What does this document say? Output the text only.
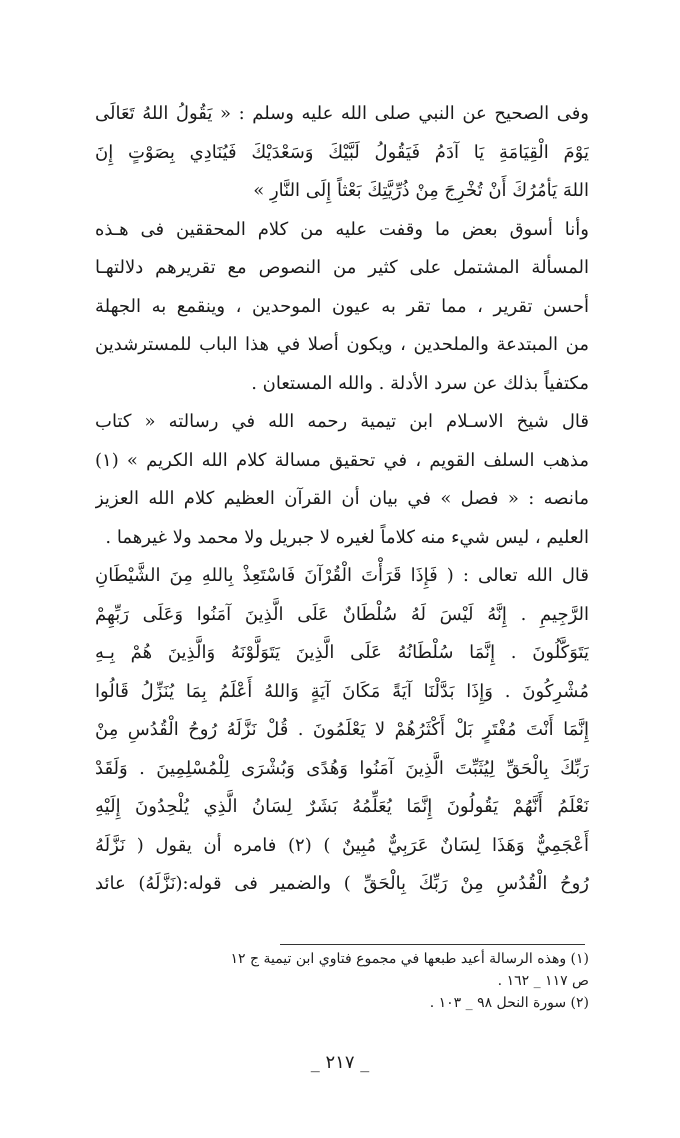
وفى الصحيح عن النبي صلى الله عليه وسلم : « يَقُولُ اللهُ تَعَالَى
يَوْمَ الْقِيَامَةِ يَا آدَمُ فَيَقُولُ لَبَّيْكَ وَسَعْدَيْكَ فَيُنَادِي بِصَوْتٍ إِنَ
اللهَ يَأمُرُكَ أَنْ تُخْرِجَ مِنْ ذُرِّيَّتِكَ بَعْثاً إِلَى النَّارِ »
وأنا أسوق بعض ما وقفت عليه من كلام المحققين فى هـذه
المسألة المشتمل على كثير من النصوص مع تقريرهم دلالتهـا
أحسن تقرير ، مما تقر به عيون الموحدين ، وينقمع به الجهلة
من المبتدعة والملحدين ، ويكون أصلا في هذا الباب للمسترشدين
مكتفياً بذلك عن سرد الأدلة . والله المستعان .
قال شيخ الاسـلام ابن تيمية رحمه الله في رسالته « كتاب
مذهب السلف القويم ، في تحقيق مسالة كلام الله الكريم » (١)
مانصه : « فصل » في بيان أن القرآن العظيم كلام الله العزيز
العليم ، ليس شيء منه كلاماً لغيره لا جبريل ولا محمد ولا غيرهما .
قال الله تعالى : ( فَإِذَا قَرَأْتَ الْقُرْآنَ فَاسْتَعِذْ بِاللهِ مِنَ الشَّيْطَانِ
الرَّجِيمِ . إِنَّهُ لَيْسَ لَهُ سُلْطَانٌ عَلَى الَّذِينَ آمَنُوا وَعَلَى رَبِّهِمْ
يَتَوَكَّلُونَ . إِنَّمَا سُلْطَانُهُ عَلَى الَّذِينَ يَتَوَلَّوْنَهُ وَالَّذِينَ هُمْ بِـهِ
مُشْرِكُونَ . وَإِذَا بَدَّلْنَا آيَةً مَكَانَ آيَةٍ وَاللهُ أَعْلَمُ بِمَا يُنَزِّلُ قَالُوا
إِنَّمَا أَنْتَ مُفْتَرٍ بَلْ أَكْثَرُهُمْ لا يَعْلَمُونَ . قُلْ نَزَّلَهُ رُوحُ الْقُدُسِ مِنْ
رَبِّكَ بِالْحَقِّ لِيُثَبِّتَ الَّذِينَ آمَنُوا وَهُدًى وَبُشْرَى لِلْمُسْلِمِينَ . وَلَقَدْ
نَعْلَمُ أَنَّهُمْ يَقُولُونَ إِنَّمَا يُعَلِّمُهُ بَشَرٌ لِسَانُ الَّذِي يُلْحِدُونَ إِلَيْهِ
أَعْجَمِيٌّ وَهَذَا لِسَانٌ عَرَبِيٌّ مُبِينٌ ) (٢) فامره أن يقول ( نَزَّلَهُ
رُوحُ الْقُدُسِ مِنْ رَبِّكَ بِالْحَقِّ ) والضمير فى قوله:(نَزَّلَهُ) عائد
(١) وهذه الرسالة أعيد طبعها في مجموع فتاوي ابن تيمية ج ١٢
ص ١١٧ _ ١٦٢ .
(٢) سورة النحل ٩٨ _ ١٠٣ .
_ ٢١٧ _
